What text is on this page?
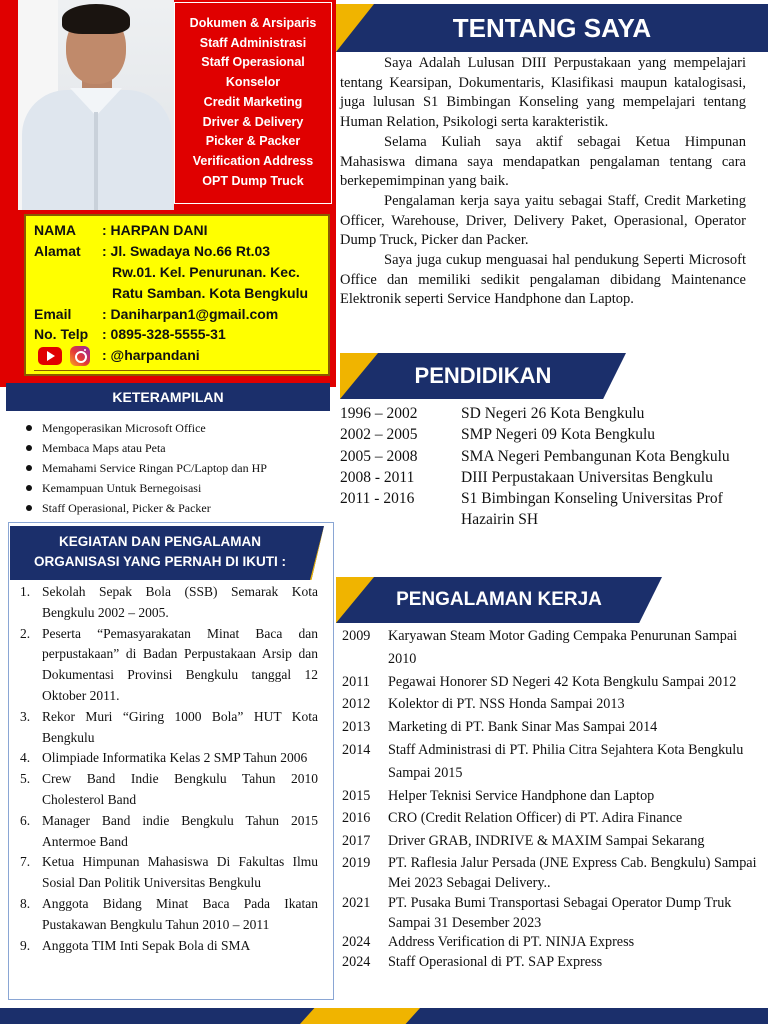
Dokumen & Arsiparis
Staff Administrasi
Staff Operasional
Konselor
Credit Marketing
Driver & Delivery
Picker & Packer
Verification Address
OPT Dump Truck
NAMA : HARPAN DANI
Alamat : Jl. Swadaya No.66 Rt.03
Rw.01. Kel. Penurunan. Kec.
Ratu Samban. Kota Bengkulu
Email : Daniharpan1@gmail.com
No. Telp : 0895-328-5555-31
: @harpandani
KETERAMPILAN
Mengoperasikan Microsoft Office
Membaca Maps atau Peta
Memahami Service Ringan PC/Laptop dan HP
Kemampuan Untuk Bernegoisasi
Staff Operasional, Picker & Packer
KEGIATAN DAN PENGALAMAN
ORGANISASI YANG PERNAH DI IKUTI :
1. Sekolah Sepak Bola (SSB) Semarak Kota Bengkulu 2002 – 2005.
2. Peserta “Pemasyarakatan Minat Baca dan perpustakaan” di Badan Perpustakaan Arsip dan Dokumentasi Provinsi Bengkulu tanggal 12 Oktober 2011.
3. Rekor Muri “Giring 1000 Bola” HUT Kota Bengkulu
4. Olimpiade Informatika Kelas 2 SMP Tahun 2006
5. Crew Band Indie Bengkulu Tahun 2010 Cholesterol Band
6. Manager Band indie Bengkulu Tahun 2015 Antermoe Band
7. Ketua Himpunan Mahasiswa Di Fakultas Ilmu Sosial Dan Politik Universitas Bengkulu
8. Anggota Bidang Minat Baca Pada Ikatan Pustakawan Bengkulu Tahun 2010 – 2011
9. Anggota TIM Inti Sepak Bola di SMA
TENTANG SAYA

Saya Adalah Lulusan DIII Perpustakaan yang mempelajari tentang Kearsipan, Dokumentaris, Klasifikasi maupun katalogisasi, juga lulusan S1 Bimbingan Konseling yang mempelajari tentang Human Relation, Psikologi serta karakteristik.

Selama Kuliah saya aktif sebagai Ketua Himpunan Mahasiswa dimana saya mendapatkan pengalaman tentang cara berkepemimpinan yang baik.

Pengalaman kerja saya yaitu sebagai Staff, Credit Marketing Officer, Warehouse, Driver, Delivery Paket, Operasional, Operator Dump Truck, Picker dan Packer.

Saya juga cukup menguasai hal pendukung Seperti Microsoft Office dan memiliki sedikit pengalaman dibidang Maintenance Elektronik seperti Service Handphone dan Laptop.

PENDIDIKAN
1996 – 2002	SD Negeri 26 Kota Bengkulu
2002 – 2005	SMP Negeri 09 Kota Bengkulu
2005 – 2008	SMA Negeri Pembangunan Kota Bengkulu
2008 - 2011	DIII Perpustakaan Universitas Bengkulu
2011 - 2016	S1 Bimbingan Konseling Universitas Prof Hazairin SH
PENGALAMAN KERJA
2009 Karyawan Steam Motor Gading Cempaka Penurunan Sampai 2010
2011 Pegawai Honorer SD Negeri 42 Kota Bengkulu Sampai 2012
2012 Kolektor di PT. NSS Honda Sampai 2013
2013 Marketing di PT. Bank Sinar Mas Sampai 2014
2014 Staff Administrasi di PT. Philia Citra Sejahtera Kota Bengkulu Sampai 2015
2015 Helper Teknisi Service Handphone dan Laptop
2016 CRO (Credit Relation Officer) di PT. Adira Finance
2017 Driver GRAB, INDRIVE & MAXIM Sampai Sekarang
2019 PT. Raflesia Jalur Persada (JNE Express Cab. Bengkulu) Sampai Mei 2023 Sebagai Delivery..
2021 PT. Pusaka Bumi Transportasi Sebagai Operator Dump Truk Sampai 31 Desember 2023
2024 Address Verification di PT. NINJA Express
2024 Staff Operasional di PT. SAP Express
